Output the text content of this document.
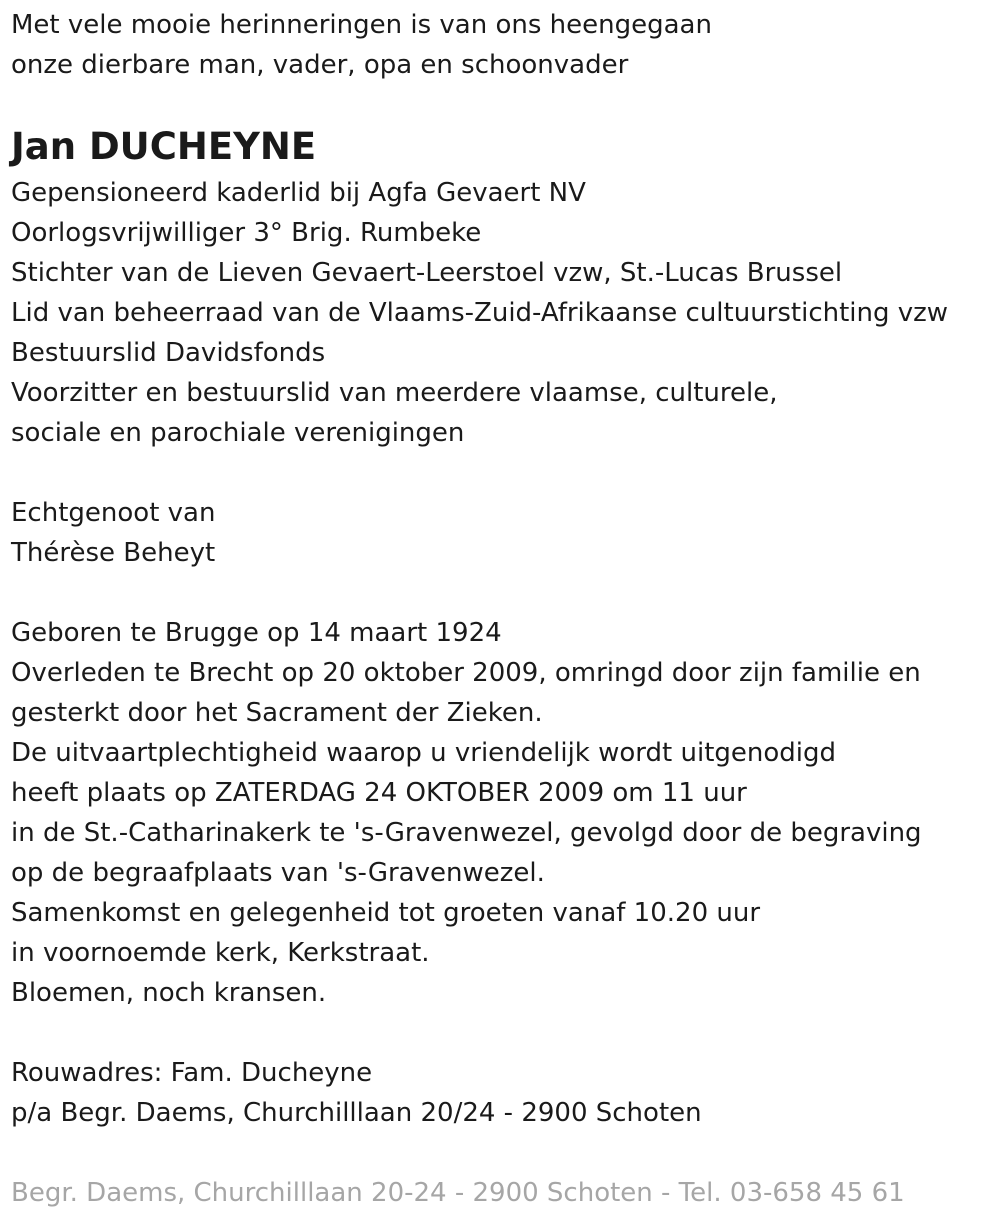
Met vele mooie herinneringen is van ons heengegaan
onze dierbare man, vader, opa en schoonvader
Jan DUCHEYNE
Gepensioneerd kaderlid bij Agfa Gevaert NV
Oorlogsvrijwilliger 3° Brig. Rumbeke
Stichter van de Lieven Gevaert-Leerstoel vzw, St.-Lucas Brussel
Lid van beheerraad van de Vlaams-Zuid-Afrikaanse cultuurstichting vzw
Bestuurslid Davidsfonds
Voorzitter en bestuurslid van meerdere vlaamse, culturele,
sociale en parochiale verenigingen
Echtgenoot van
Thérèse Beheyt
Geboren te Brugge op 14 maart 1924
Overleden te Brecht op 20 oktober 2009, omringd door zijn familie en
gesterkt door het Sacrament der Zieken.
De uitvaartplechtigheid waarop u vriendelijk wordt uitgenodigd
heeft plaats op ZATERDAG 24 OKTOBER 2009 om 11 uur
in de St.-Catharinakerk te 's-Gravenwezel, gevolgd door de begraving
op de begraafplaats van 's-Gravenwezel.
Samenkomst en gelegenheid tot groeten vanaf 10.20 uur
in voornoemde kerk, Kerkstraat.
Bloemen, noch kransen.
Rouwadres: Fam. Ducheyne
p/a Begr. Daems, Churchilllaan 20/24 - 2900 Schoten
Begr. Daems, Churchilllaan 20-24 - 2900 Schoten - Tel. 03-658 45 61
